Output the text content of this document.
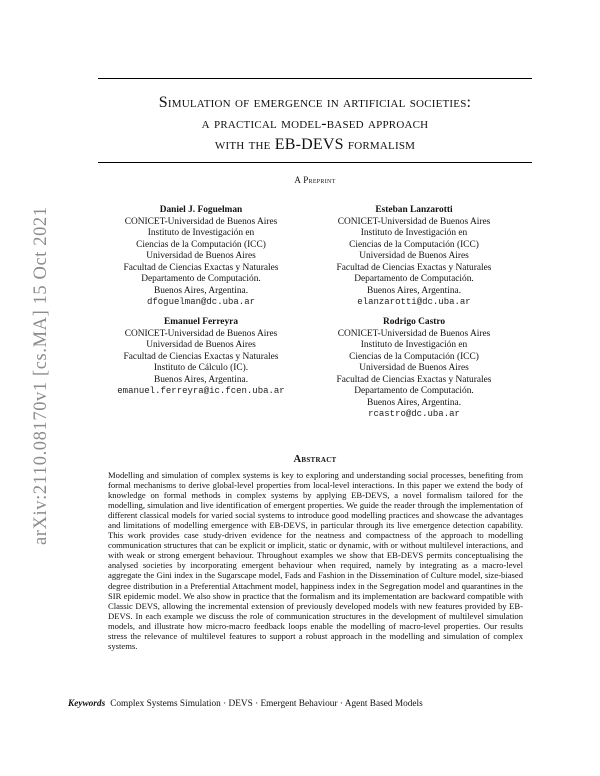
Simulation of emergence in artificial societies:
a practical model-based approach
with the EB-DEVS formalism
A Preprint
Daniel J. Foguelman
CONICET-Universidad de Buenos Aires
Instituto de Investigación en
Ciencias de la Computación (ICC)
Universidad de Buenos Aires
Facultad de Ciencias Exactas y Naturales
Departamento de Computación.
Buenos Aires, Argentina.
dfoguelman@dc.uba.ar
Esteban Lanzarotti
CONICET-Universidad de Buenos Aires
Instituto de Investigación en
Ciencias de la Computación (ICC)
Universidad de Buenos Aires
Facultad de Ciencias Exactas y Naturales
Departamento de Computación.
Buenos Aires, Argentina.
elanzarotti@dc.uba.ar
Emanuel Ferreyra
CONICET-Universidad de Buenos Aires
Universidad de Buenos Aires
Facultad de Ciencias Exactas y Naturales
Instituto de Cálculo (IC).
Buenos Aires, Argentina.
emanuel.ferreyra@ic.fcen.uba.ar
Rodrigo Castro
CONICET-Universidad de Buenos Aires
Instituto de Investigación en
Ciencias de la Computación (ICC)
Universidad de Buenos Aires
Facultad de Ciencias Exactas y Naturales
Departamento de Computación.
Buenos Aires, Argentina.
rcastro@dc.uba.ar
Abstract
Modelling and simulation of complex systems is key to exploring and understanding social processes, benefiting from formal mechanisms to derive global-level properties from local-level interactions. In this paper we extend the body of knowledge on formal methods in complex systems by applying EB-DEVS, a novel formalism tailored for the modelling, simulation and live identification of emergent properties. We guide the reader through the implementation of different classical models for varied social systems to introduce good modelling practices and showcase the advantages and limitations of modelling emergence with EB-DEVS, in particular through its live emergence detection capability. This work provides case study-driven evidence for the neatness and compactness of the approach to modelling communication structures that can be explicit or implicit, static or dynamic, with or without multilevel interactions, and with weak or strong emergent behaviour. Throughout examples we show that EB-DEVS permits conceptualising the analysed societies by incorporating emergent behaviour when required, namely by integrating as a macro-level aggregate the Gini index in the Sugarscape model, Fads and Fashion in the Dissemination of Culture model, size-biased degree distribution in a Preferential Attachment model, happiness index in the Segregation model and quarantines in the SIR epidemic model. We also show in practice that the formalism and its implementation are backward compatible with Classic DEVS, allowing the incremental extension of previously developed models with new features provided by EB-DEVS. In each example we discuss the role of communication structures in the development of multilevel simulation models, and illustrate how micro-macro feedback loops enable the modelling of macro-level properties. Our results stress the relevance of multilevel features to support a robust approach in the modelling and simulation of complex systems.
Keywords Complex Systems Simulation · DEVS · Emergent Behaviour · Agent Based Models
arXiv:2110.08170v1 [cs.MA] 15 Oct 2021
